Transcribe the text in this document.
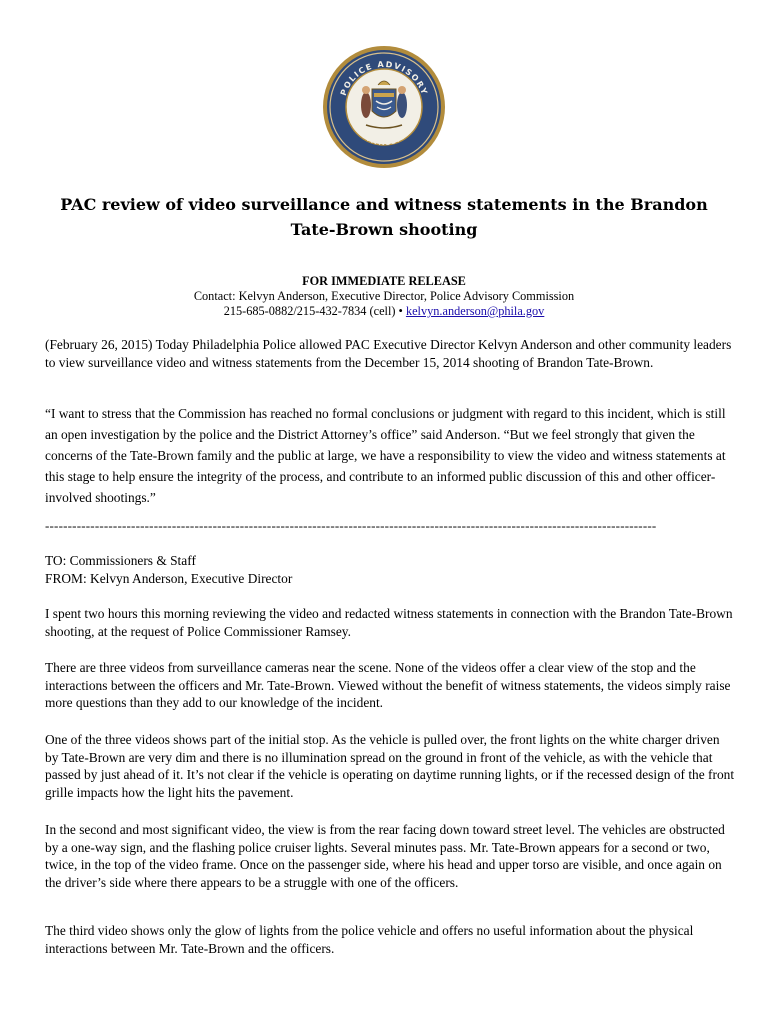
POLICE ADVISORY
COMMISSION
PAC review of video surveillance and witness statements in the Brandon Tate-Brown shooting
FOR IMMEDIATE RELEASE
Contact: Kelvyn Anderson, Executive Director, Police Advisory Commission
215-685-0882/215-432-7834 (cell) • kelvyn.anderson@phila.gov

(February 26, 2015) Today Philadelphia Police allowed PAC Executive Director Kelvyn Anderson and other community leaders to view surveillance video and witness statements from the December 15, 2014 shooting of Brandon Tate-Brown.

“I want to stress that the Commission has reached no formal conclusions or judgment with regard to this incident, which is still an open investigation by the police and the District Attorney’s office” said Anderson. “But we feel strongly that given the concerns of the Tate-Brown family and the public at large, we have a responsibility to view the video and witness statements at this stage to help ensure the integrity of the process, and contribute to an informed public discussion of this and other officer-involved shootings.”

---------------------------------------------------------------------------------------------------------------------------------------

TO: Commissioners & Staff

FROM: Kelvyn Anderson, Executive Director

I spent two hours this morning reviewing the video and redacted witness statements in connection with the Brandon Tate-Brown shooting, at the request of Police Commissioner Ramsey.

There are three videos from surveillance cameras near the scene. None of the videos offer a clear view of the stop and the interactions between the officers and Mr. Tate-Brown. Viewed without the benefit of witness statements, the videos simply raise more questions than they add to our knowledge of the incident.

One of the three videos shows part of the initial stop. As the vehicle is pulled over, the front lights on the white charger driven by Tate-Brown are very dim and there is no illumination spread on the ground in front of the vehicle, as with the vehicle that passed by just ahead of it. It’s not clear if the vehicle is operating on daytime running lights, or if the recessed design of the front grille impacts how the light hits the pavement.

In the second and most significant video, the view is from the rear facing down toward street level. The vehicles are obstructed by a one-way sign, and the flashing police cruiser lights. Several minutes pass. Mr. Tate-Brown appears for a second or two, twice, in the top of the video frame. Once on the passenger side, where his head and upper torso are visible, and once again on the driver’s side where there appears to be a struggle with one of the officers.

The third video shows only the glow of lights from the police vehicle and offers no useful information about the physical interactions between Mr. Tate-Brown and the officers.
